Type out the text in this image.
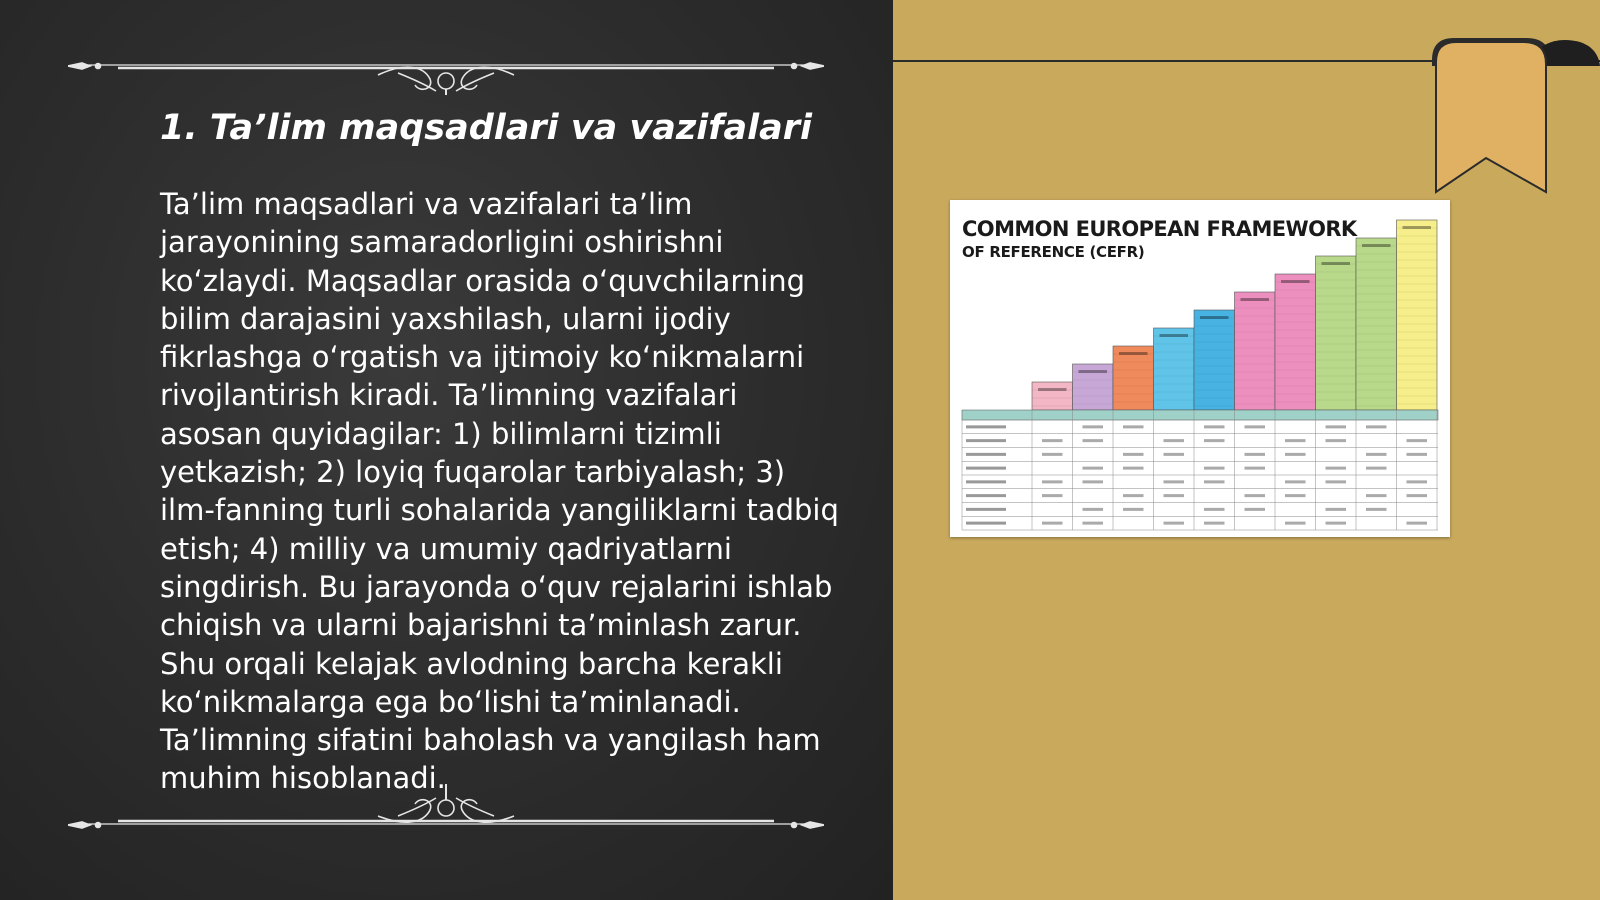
1. Ta’lim maqsadlari va vazifalari

Ta’lim maqsadlari va vazifalari ta’lim jarayonining samaradorligini oshirishni ko‘zlaydi. Maqsadlar orasida o‘quvchilarning bilim darajasini yaxshilash, ularni ijodiy fikrlashga o‘rgatish va ijtimoiy ko‘nikmalarni rivojlantirish kiradi. Ta’limning vazifalari asosan quyidagilar: 1) bilimlarni tizimli yetkazish; 2) loyiq fuqarolar tarbiyalash; 3) ilm-fanning turli sohalarida yangiliklarni tadbiq etish; 4) milliy va umumiy qadriyatlarni singdirish. Bu jarayonda o‘quv rejalarini ishlab chiqish va ularni bajarishni ta’minlash zarur. Shu orqali kelajak avlodning barcha kerakli ko‘nikmalarga ega bo‘lishi ta’minlanadi. Ta’limning sifatini baholash va yangilash ham muhim hisoblanadi.

COMMON EUROPEAN FRAMEWORK
OF REFERENCE (CEFR)
